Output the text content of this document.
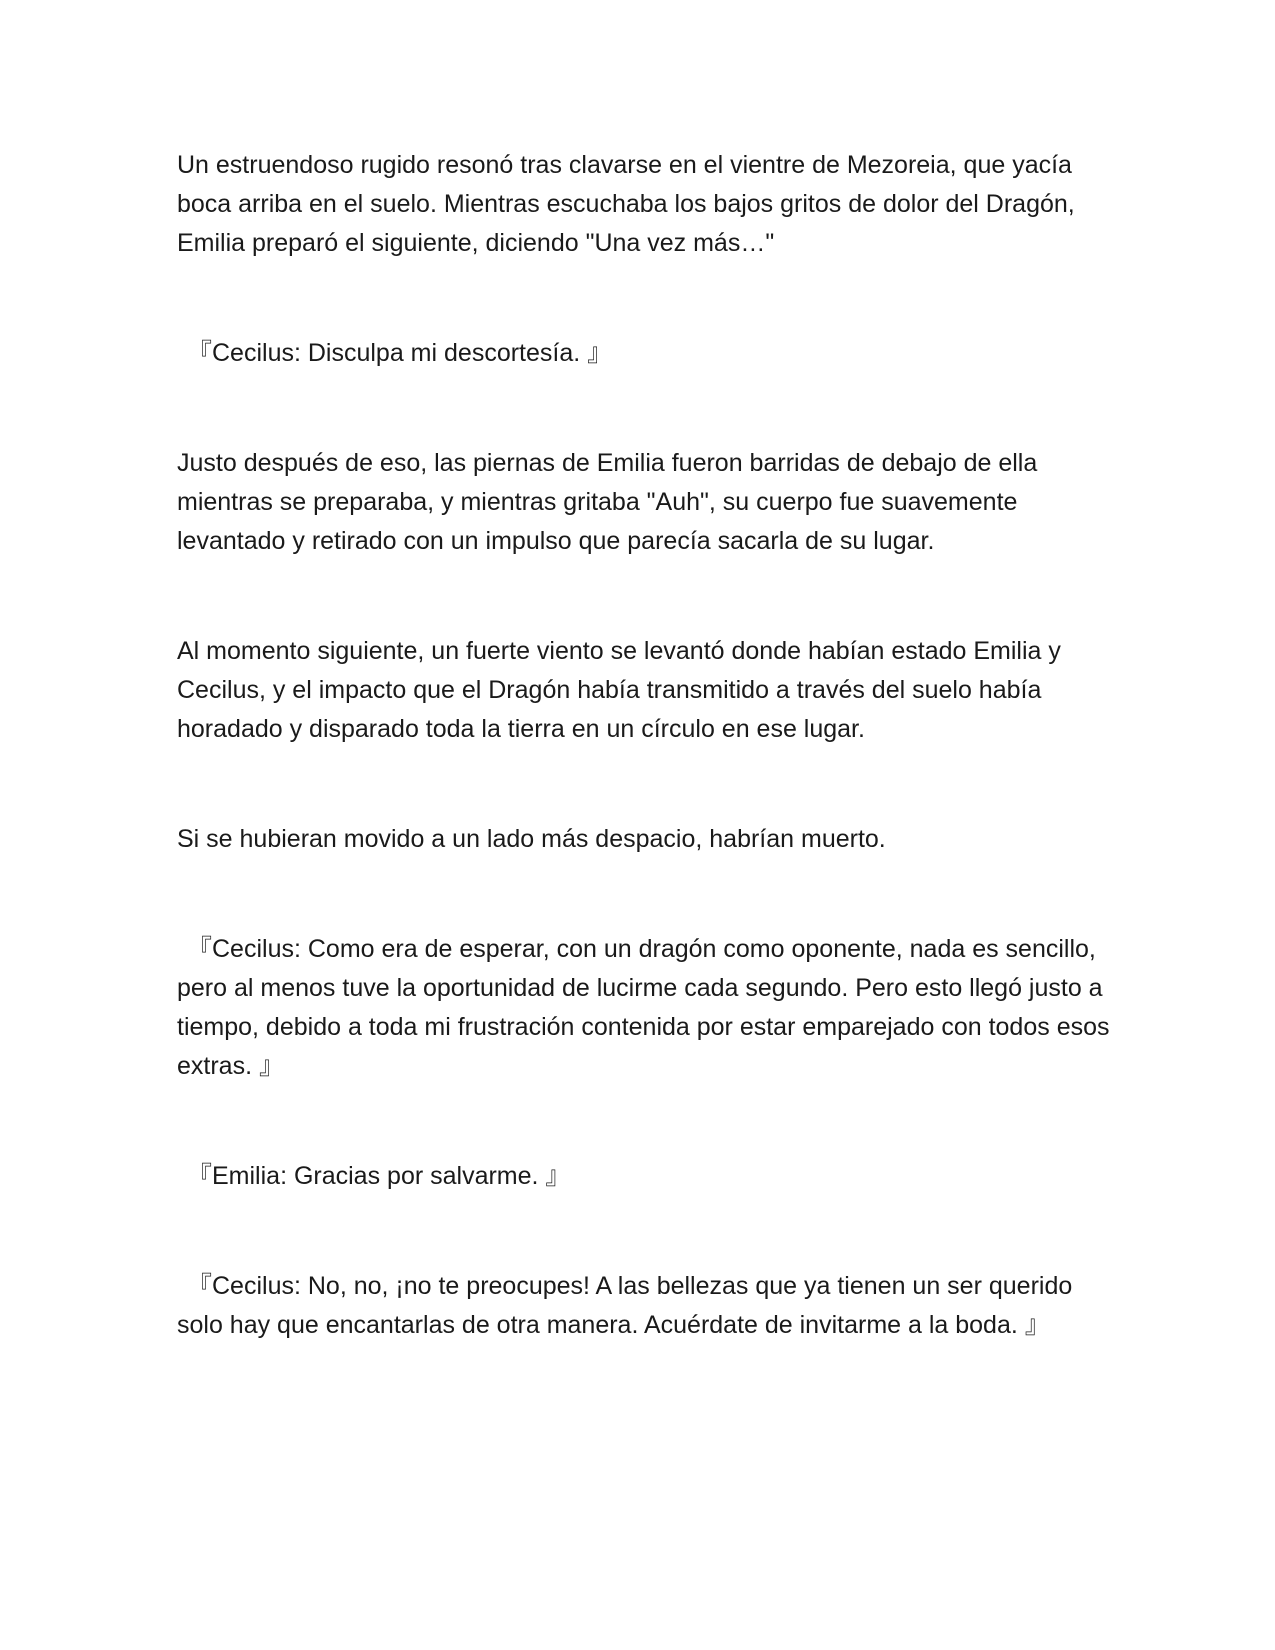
Un estruendoso rugido resonó tras clavarse en el vientre de Mezoreia, que yacía boca arriba en el suelo. Mientras escuchaba los bajos gritos de dolor del Dragón, Emilia preparó el siguiente, diciendo "Una vez más…"

『Cecilus: Disculpa mi descortesía. 』

Justo después de eso, las piernas de Emilia fueron barridas de debajo de ella mientras se preparaba, y mientras gritaba "Auh", su cuerpo fue suavemente levantado y retirado con un impulso que parecía sacarla de su lugar.

Al momento siguiente, un fuerte viento se levantó donde habían estado Emilia y Cecilus, y el impacto que el Dragón había transmitido a través del suelo había horadado y disparado toda la tierra en un círculo en ese lugar.

Si se hubieran movido a un lado más despacio, habrían muerto.

『Cecilus: Como era de esperar, con un dragón como oponente, nada es sencillo, pero al menos tuve la oportunidad de lucirme cada segundo. Pero esto llegó justo a tiempo, debido a toda mi frustración contenida por estar emparejado con todos esos extras. 』

『Emilia: Gracias por salvarme. 』

『Cecilus: No, no, ¡no te preocupes! A las bellezas que ya tienen un ser querido solo hay que encantarlas de otra manera. Acuérdate de invitarme a la boda. 』
